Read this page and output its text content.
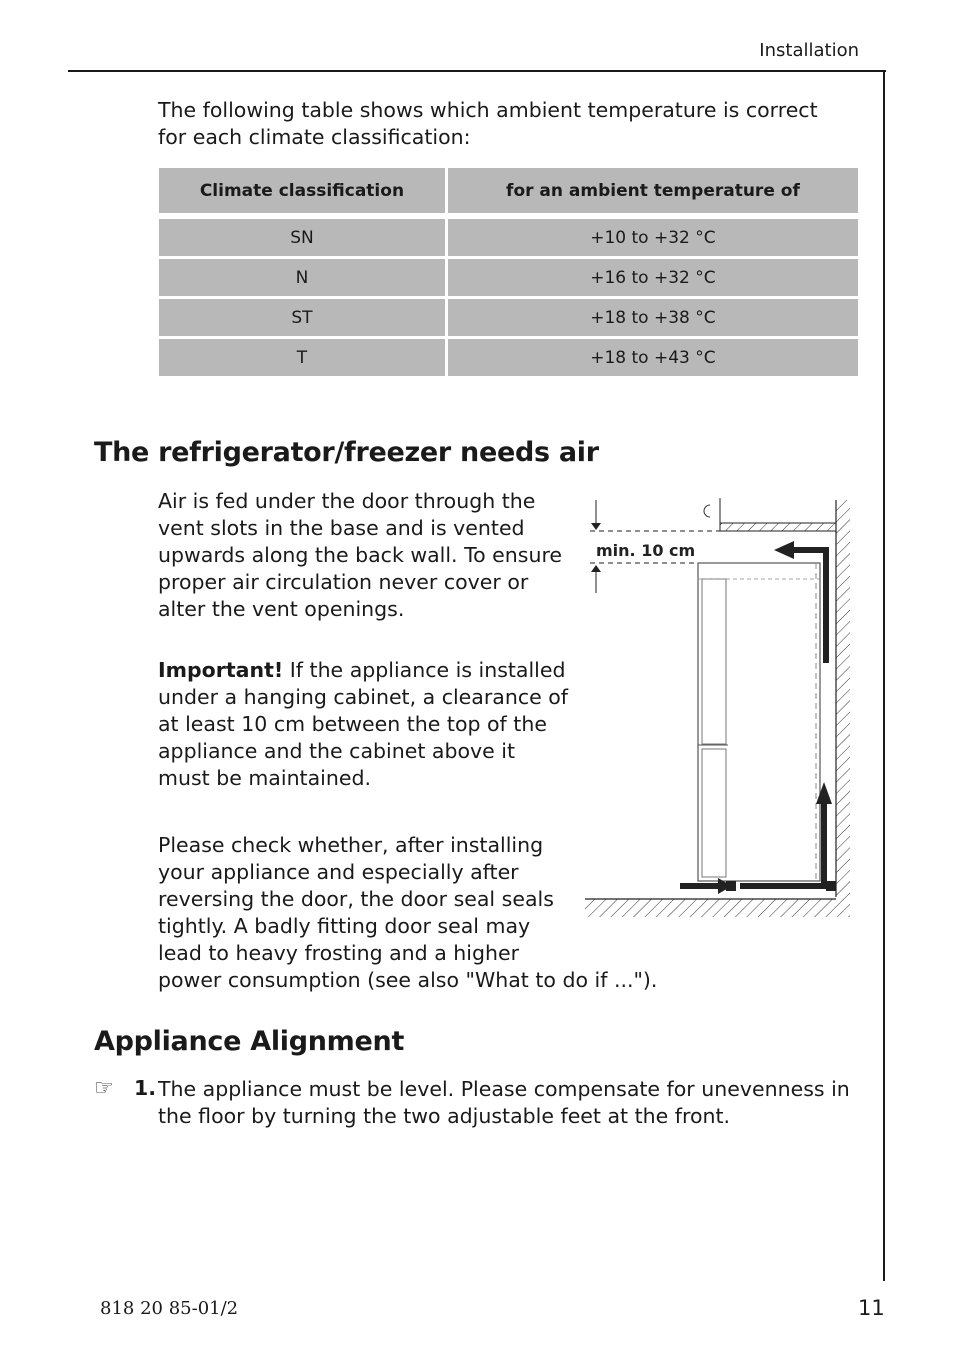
Installation

The following table shows which ambient temperature is correct for each climate classification:

Climate classification	for an ambient temperature of

SN	+10 to +32 °C
N	+16 to +32 °C
ST	+18 to +38 °C
T	+18 to +43 °C
The refrigerator/freezer needs air

Air is fed under the door through the vent slots in the base and is vented upwards along the back wall. To ensure proper air circulation never cover or alter the vent openings.

Important! If the appliance is installed under a hanging cabinet, a clearance of at least 10 cm between the top of the appliance and the cabinet above it must be maintained.

Please check whether, after installing
your appliance and especially after
reversing the door, the door seal seals
tightly. A badly fitting door seal may
lead to heavy frosting and a higher
power consumption (see also "What to do if ...").
min. 10 cm
Appliance Alignment
☞ 1. The appliance must be level. Please compensate for unevenness in the floor by turning the two adjustable feet at the front.

818 20 85-01/2	11
